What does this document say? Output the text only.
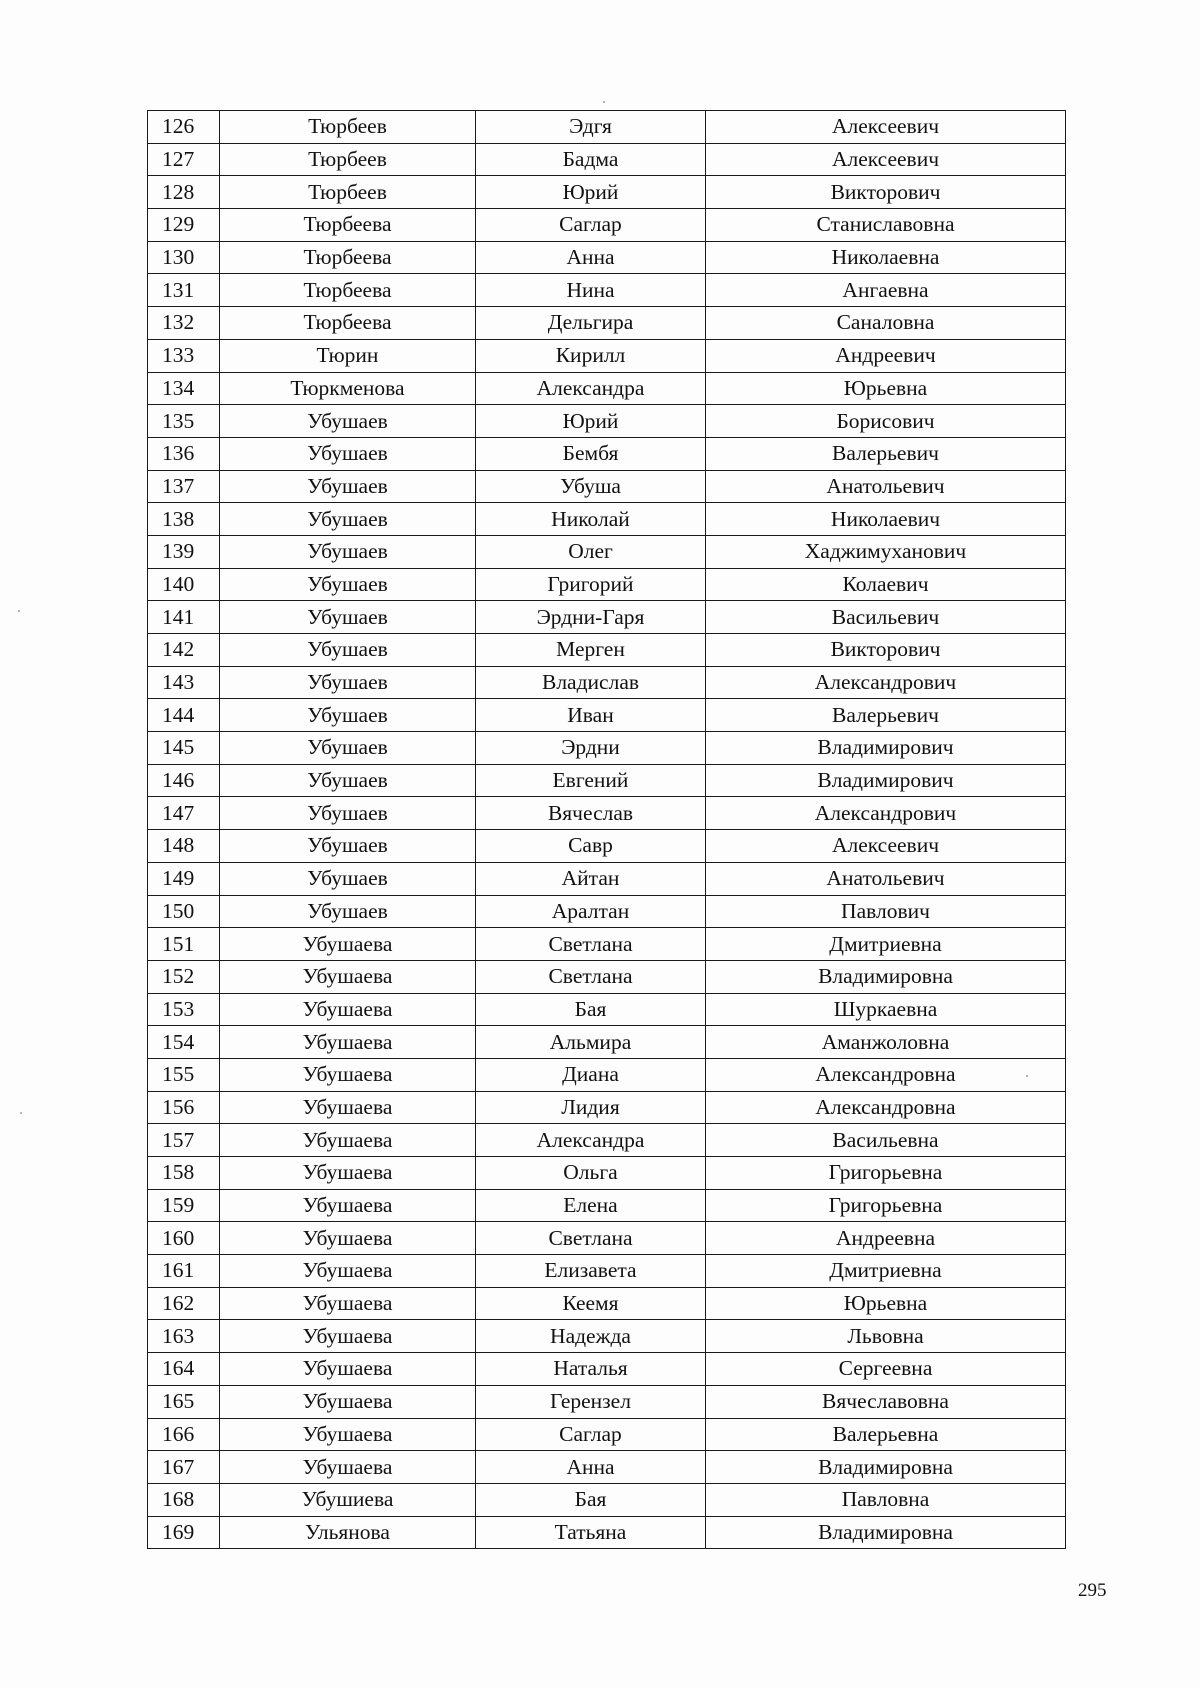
126	Тюрбеев	Эдгя	Алексеевич
127	Тюрбеев	Бадма	Алексеевич
128	Тюрбеев	Юрий	Викторович
129	Тюрбеева	Саглар	Станиславовна
130	Тюрбеева	Анна	Николаевна
131	Тюрбеева	Нина	Ангаевна
132	Тюрбеева	Дельгира	Саналовна
133	Тюрин	Кирилл	Андреевич
134	Тюркменова	Александра	Юрьевна
135	Убушаев	Юрий	Борисович
136	Убушаев	Бембя	Валерьевич
137	Убушаев	Убуша	Анатольевич
138	Убушаев	Николай	Николаевич
139	Убушаев	Олег	Хаджимуханович
140	Убушаев	Григорий	Колаевич
141	Убушаев	Эрдни-Гаря	Васильевич
142	Убушаев	Мерген	Викторович
143	Убушаев	Владислав	Александрович
144	Убушаев	Иван	Валерьевич
145	Убушаев	Эрдни	Владимирович
146	Убушаев	Евгений	Владимирович
147	Убушаев	Вячеслав	Александрович
148	Убушаев	Савр	Алексеевич
149	Убушаев	Айтан	Анатольевич
150	Убушаев	Аралтан	Павлович
151	Убушаева	Светлана	Дмитриевна
152	Убушаева	Светлана	Владимировна
153	Убушаева	Бая	Шуркаевна
154	Убушаева	Альмира	Аманжоловна
155	Убушаева	Диана	Александровна
156	Убушаева	Лидия	Александровна
157	Убушаева	Александра	Васильевна
158	Убушаева	Ольга	Григорьевна
159	Убушаева	Елена	Григорьевна
160	Убушаева	Светлана	Андреевна
161	Убушаева	Елизавета	Дмитриевна
162	Убушаева	Кеемя	Юрьевна
163	Убушаева	Надежда	Львовна
164	Убушаева	Наталья	Сергеевна
165	Убушаева	Герензел	Вячеславовна
166	Убушаева	Саглар	Валерьевна
167	Убушаева	Анна	Владимировна
168	Убушиева	Бая	Павловна
169	Ульянова	Татьяна	Владимировна
295
